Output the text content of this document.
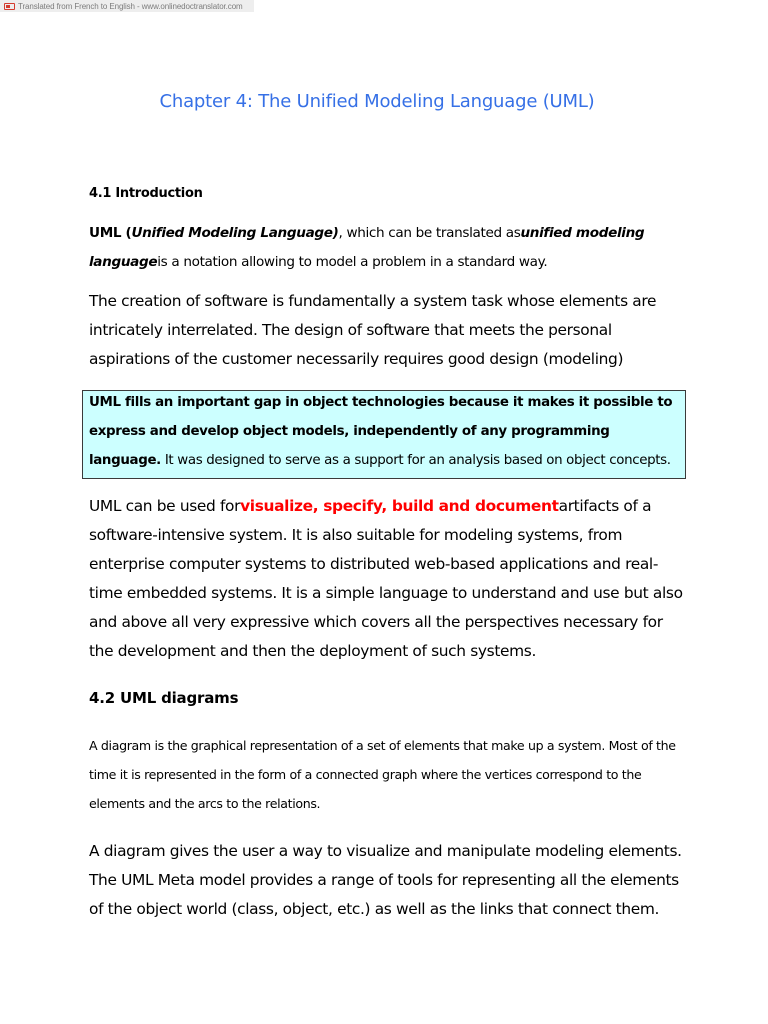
Translated from French to English - www.onlinedoctranslator.com
Chapter 4: The Unified Modeling Language (UML)
4.1 Introduction

UML (Unified Modeling Language), which can be translated asunified modeling languageis a notation allowing to model a problem in a standard way.

The creation of software is fundamentally a system task whose elements are intricately interrelated. The design of software that meets the personal aspirations of the customer necessarily requires good design (modeling)

UML fills an important gap in object technologies because it makes it possible to express and develop object models, independently of any programming language. It was designed to serve as a support for an analysis based on object concepts.

UML can be used forvisualize, specify, build and documentartifacts of a software-intensive system. It is also suitable for modeling systems, from enterprise computer systems to distributed web-based applications and real-time embedded systems. It is a simple language to understand and use but also and above all very expressive which covers all the perspectives necessary for the development and then the deployment of such systems.

4.2 UML diagrams

A diagram is the graphical representation of a set of elements that make up a system. Most of the time it is represented in the form of a connected graph where the vertices correspond to the elements and the arcs to the relations.

A diagram gives the user a way to visualize and manipulate modeling elements. The UML Meta model provides a range of tools for representing all the elements of the object world (class, object, etc.) as well as the links that connect them.
